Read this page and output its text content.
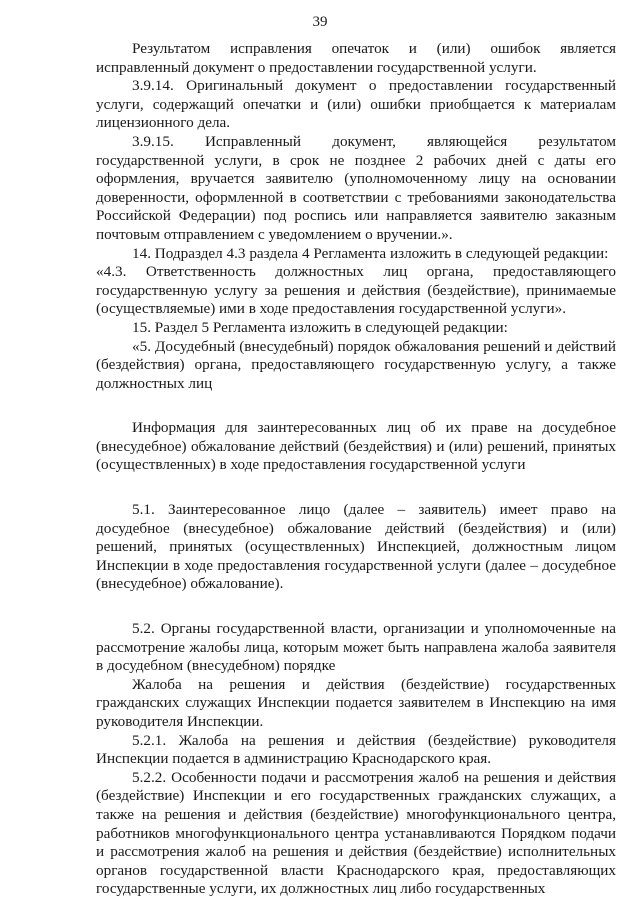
39

Результатом исправления опечаток и (или) ошибок является исправленный документ о предоставлении государственной услуги.

3.9.14. Оригинальный документ о предоставлении государственный услуги, содержащий опечатки и (или) ошибки приобщается к материалам лицензионного дела.

3.9.15. Исправленный документ, являющейся результатом государственной услуги, в срок не позднее 2 рабочих дней с даты его оформления, вручается заявителю (уполномоченному лицу на основании доверенности, оформленной в соответствии с требованиями законодательства Российской Федерации) под роспись или направляется заявителю заказным почтовым отправлением с уведомлением о вручении.».

14. Подраздел 4.3 раздела 4 Регламента изложить в следующей редакции:

«4.3. Ответственность должностных лиц органа, предоставляющего государственную услугу за решения и действия (бездействие), принимаемые (осуществляемые) ими в ходе предоставления государственной услуги».

15. Раздел 5 Регламента изложить в следующей редакции:

«5. Досудебный (внесудебный) порядок обжалования решений и действий (бездействия) органа, предоставляющего государственную услугу, а также должностных лиц

Информация для заинтересованных лиц об их праве на досудебное (внесудебное) обжалование действий (бездействия) и (или) решений, принятых (осуществленных) в ходе предоставления государственной услуги

5.1. Заинтересованное лицо (далее – заявитель) имеет право на досудебное (внесудебное) обжалование действий (бездействия) и (или) решений, принятых (осуществленных) Инспекцией, должностным лицом Инспекции в ходе предоставления государственной услуги (далее – досудебное (внесудебное) обжалование).

5.2. Органы государственной власти, организации и уполномоченные на рассмотрение жалобы лица, которым может быть направлена жалоба заявителя в досудебном (внесудебном) порядке

Жалоба на решения и действия (бездействие) государственных гражданских служащих Инспекции подается заявителем в Инспекцию на имя руководителя Инспекции.

5.2.1. Жалоба на решения и действия (бездействие) руководителя Инспекции подается в администрацию Краснодарского края.

5.2.2. Особенности подачи и рассмотрения жалоб на решения и действия (бездействие) Инспекции и его государственных гражданских служащих, а также на решения и действия (бездействие) многофункционального центра, работников многофункционального центра устанавливаются Порядком подачи и рассмотрения жалоб на решения и действия (бездействие) исполнительных органов государственной власти Краснодарского края, предоставляющих государственные услуги, их должностных лиц либо государственных
